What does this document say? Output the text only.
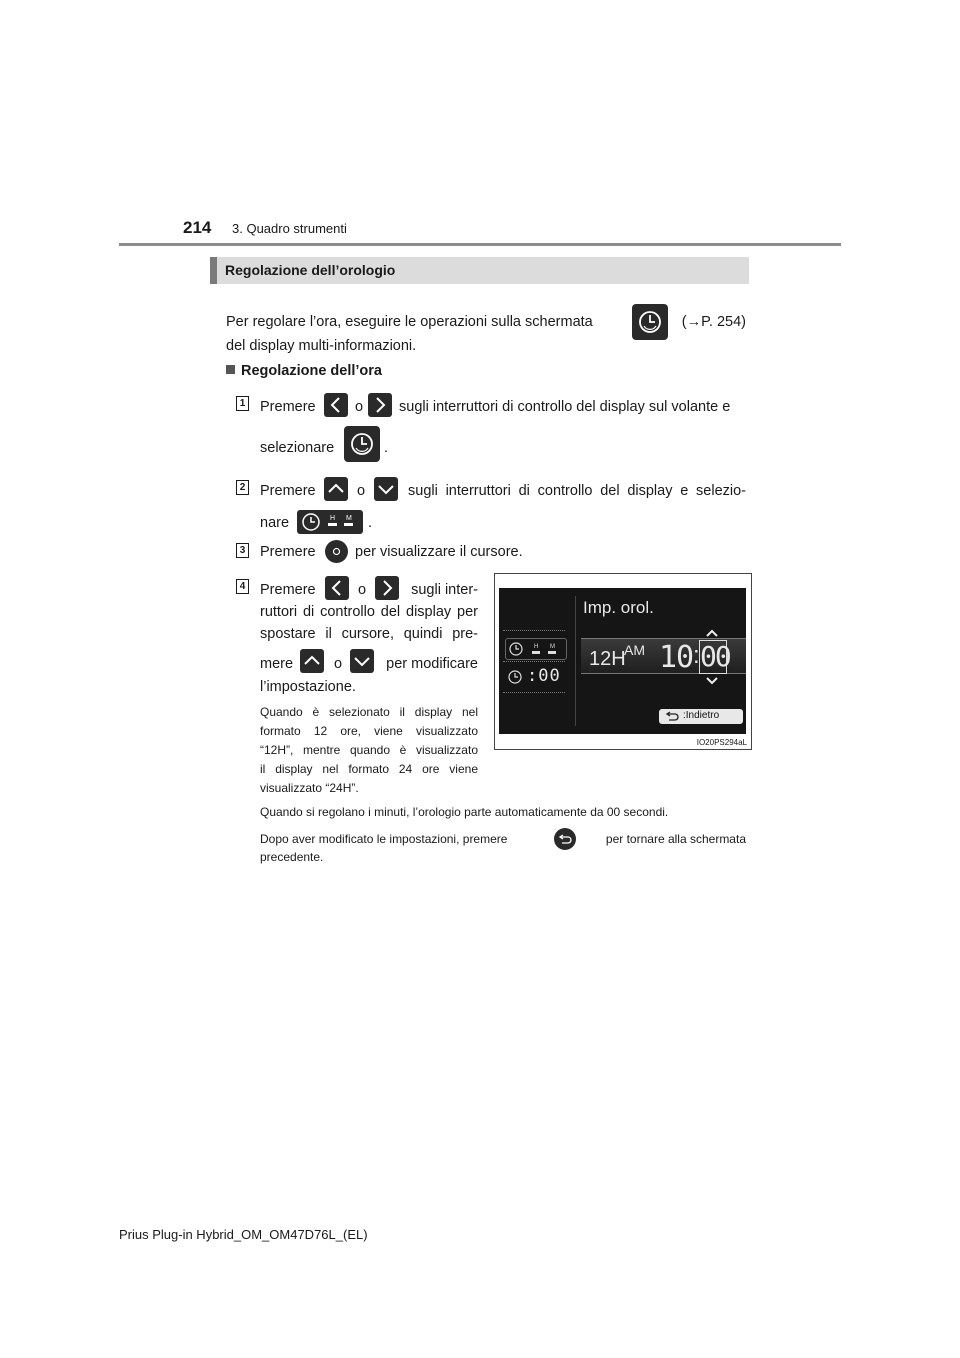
214 3. Quadro strumenti
Regolazione dell’orologio
Per regolare l’ora, eseguire le operazioni sulla schermata	(→P. 254)
del display multi-informazioni.
Regolazione dell’ora
1 Premere	o sugli interruttori di controllo del display sul volante e
selezionare	.
2 Premere	o	sugli interruttori di controllo del display e selezio-
nare	H M .
3 Premere	per visualizzare il cursore.
4 Premere	o	sugli inter-
ruttori di controllo del display per
spostare il cursore, quindi pre-
mere	o	per modificare
l’impostazione.
Quando è selezionato il display nel
formato 12 ore, viene visualizzato
“12H”, mentre quando è visualizzato
il display nel formato 24 ore viene
visualizzato “24H”.
H M
:00
Imp. orol.
12H
AM 10 : 00
:Indietro
IO20PS294aL
Quando si regolano i minuti, l’orologio parte automaticamente da 00 secondi.
Dopo aver modificato le impostazioni, premere	per tornare alla schermata
precedente.
Prius Plug-in Hybrid_OM_OM47D76L_(EL)
